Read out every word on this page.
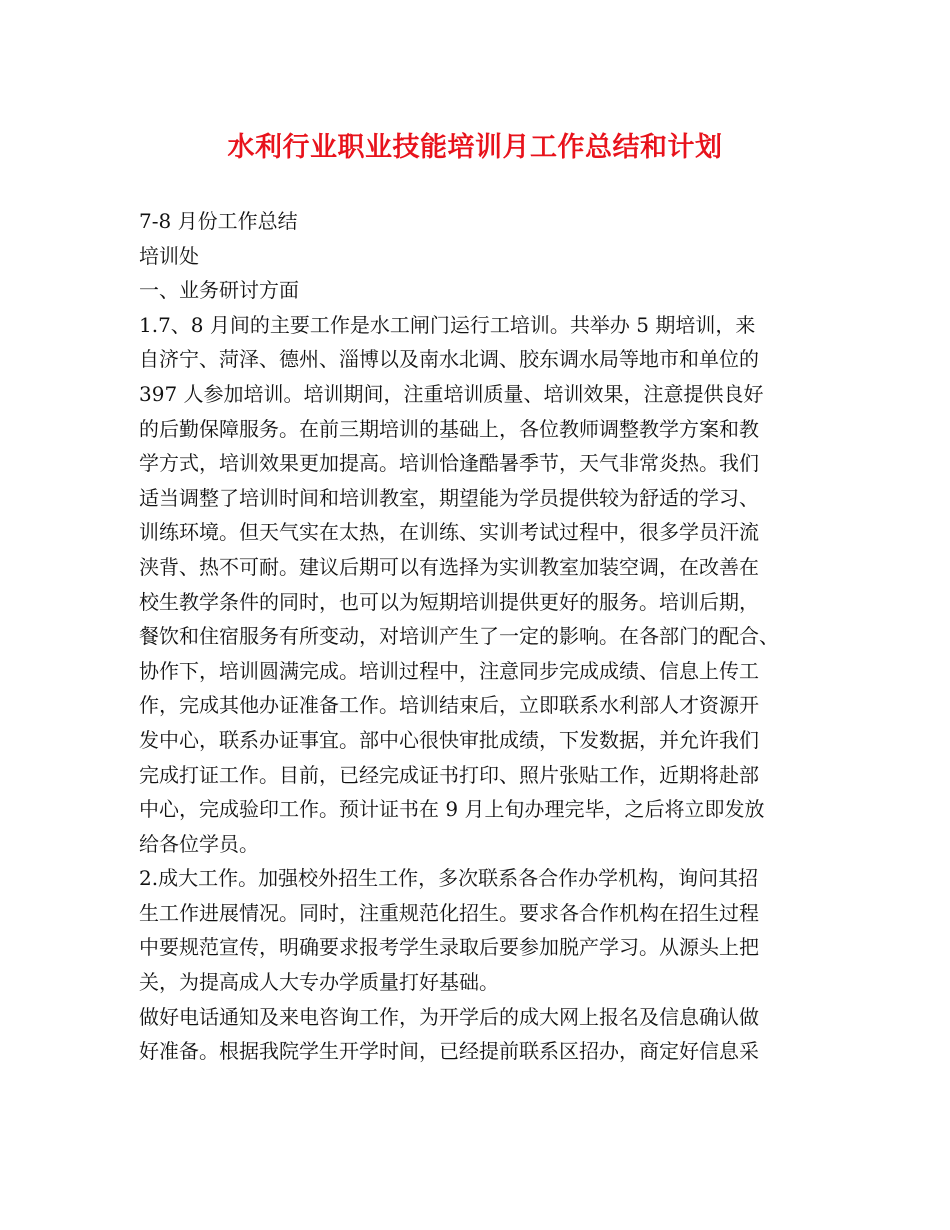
水利行业职业技能培训月工作总结和计划
7-8 月份工作总结
培训处
一、业务研讨方面
1.7、8 月间的主要工作是水工闸门运行工培训。共举办 5 期培训，来
自济宁、菏泽、德州、淄博以及南水北调、胶东调水局等地市和单位的
397 人参加培训。培训期间，注重培训质量、培训效果，注意提供良好
的后勤保障服务。在前三期培训的基础上，各位教师调整教学方案和教
学方式，培训效果更加提高。培训恰逢酷暑季节，天气非常炎热。我们
适当调整了培训时间和培训教室，期望能为学员提供较为舒适的学习、
训练环境。但天气实在太热，在训练、实训考试过程中，很多学员汗流
浃背、热不可耐。建议后期可以有选择为实训教室加装空调，在改善在
校生教学条件的同时，也可以为短期培训提供更好的服务。培训后期，
餐饮和住宿服务有所变动，对培训产生了一定的影响。在各部门的配合、
协作下，培训圆满完成。培训过程中，注意同步完成成绩、信息上传工
作，完成其他办证准备工作。培训结束后，立即联系水利部人才资源开
发中心，联系办证事宜。部中心很快审批成绩，下发数据，并允许我们
完成打证工作。目前，已经完成证书打印、照片张贴工作，近期将赴部
中心，完成验印工作。预计证书在 9 月上旬办理完毕，之后将立即发放
给各位学员。
2.成大工作。加强校外招生工作，多次联系各合作办学机构，询问其招
生工作进展情况。同时，注重规范化招生。要求各合作机构在招生过程
中要规范宣传，明确要求报考学生录取后要参加脱产学习。从源头上把
关，为提高成人大专办学质量打好基础。
做好电话通知及来电咨询工作，为开学后的成大网上报名及信息确认做
好准备。根据我院学生开学时间，已经提前联系区招办，商定好信息采
